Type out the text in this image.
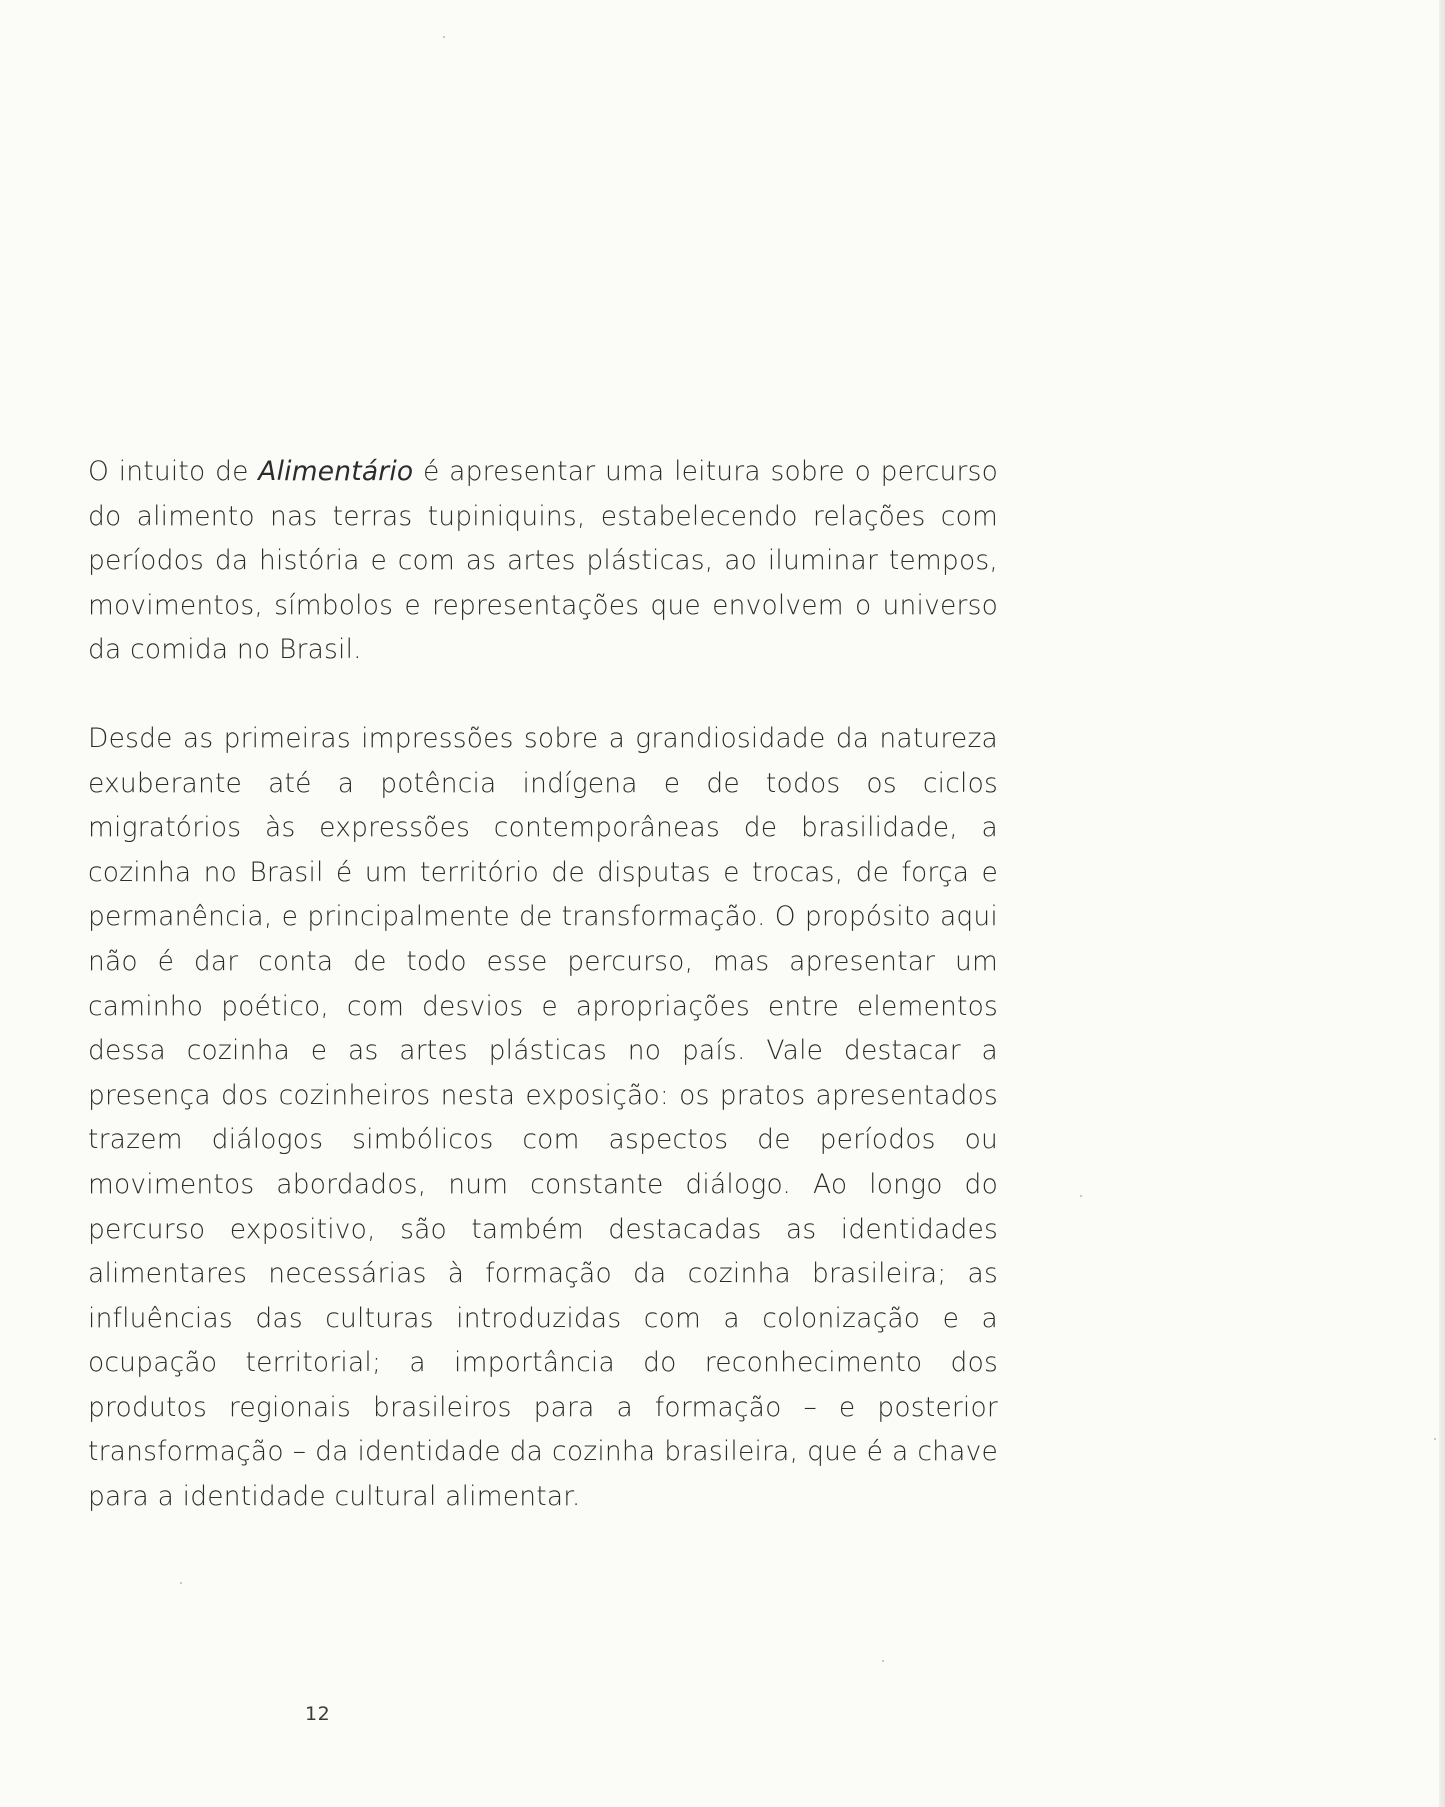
O intuito de Alimentário é apresentar uma leitura sobre o percurso do alimento nas terras tupiniquins, estabelecendo relações com períodos da história e com as artes plásticas, ao iluminar tempos, movimentos, símbolos e representações que envolvem o universo da comida no Brasil.

Desde as primeiras impressões sobre a grandiosidade da natureza exuberante até a potência indígena e de todos os ciclos migratórios às expressões contemporâneas de brasilidade, a cozinha no Brasil é um território de disputas e trocas, de força e permanência, e principalmente de transformação. O propósito aqui não é dar conta de todo esse percurso, mas apresentar um caminho poético, com desvios e apropriações entre elementos dessa cozinha e as artes plásticas no país. Vale destacar a presença dos cozinheiros nesta exposição: os pratos apresentados trazem diálogos simbólicos com aspectos de períodos ou movimentos abordados, num constante diálogo. Ao longo do percurso expositivo, são também destacadas as identidades alimentares necessárias à formação da cozinha brasileira; as influências das culturas introduzidas com a colonização e a ocupação territorial; a importância do reconhecimento dos produtos regionais brasileiros para a formação – e posterior transformação – da identidade da cozinha brasileira, que é a chave para a identidade cultural alimentar.

12
